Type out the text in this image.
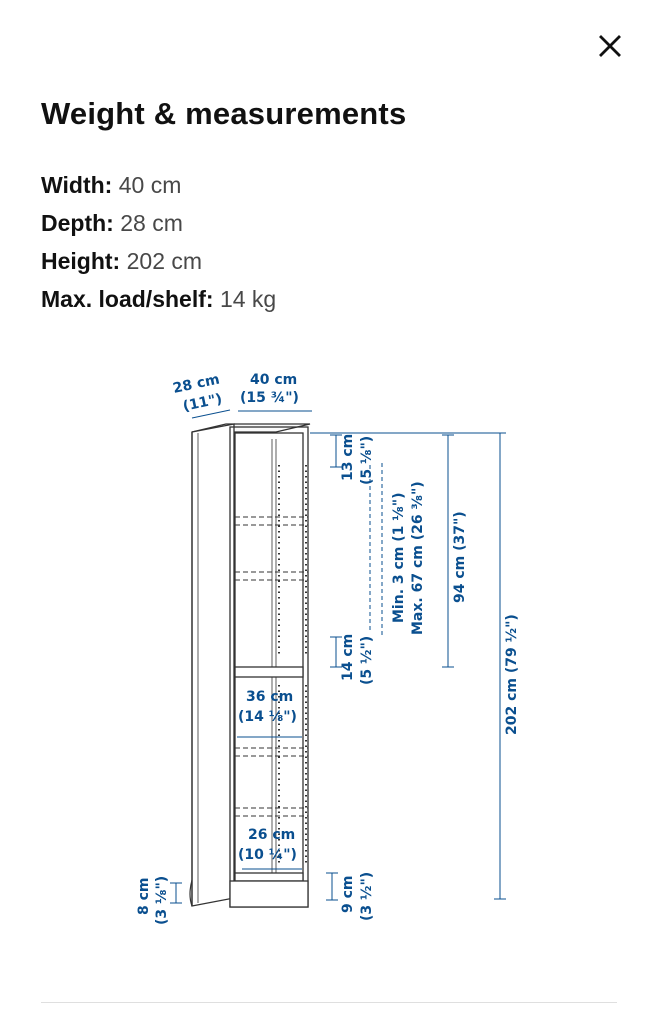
Weight & measurements
Width: 40 cm
Depth: 28 cm
Height: 202 cm
Max. load/shelf: 14 kg
28 cm
(11")
40 cm
(15 ¾")
13 cm (5 ⅛")
Min. 3 cm (1 ⅛") Max. 67 cm (26 ⅜") 94 cm (37")
202 cm (79 ½")
14 cm (5 ½")
36 cm
(14 ⅛")
26 cm
(10 ¼")
8 cm (3 ⅛")	9 cm (3 ½")
